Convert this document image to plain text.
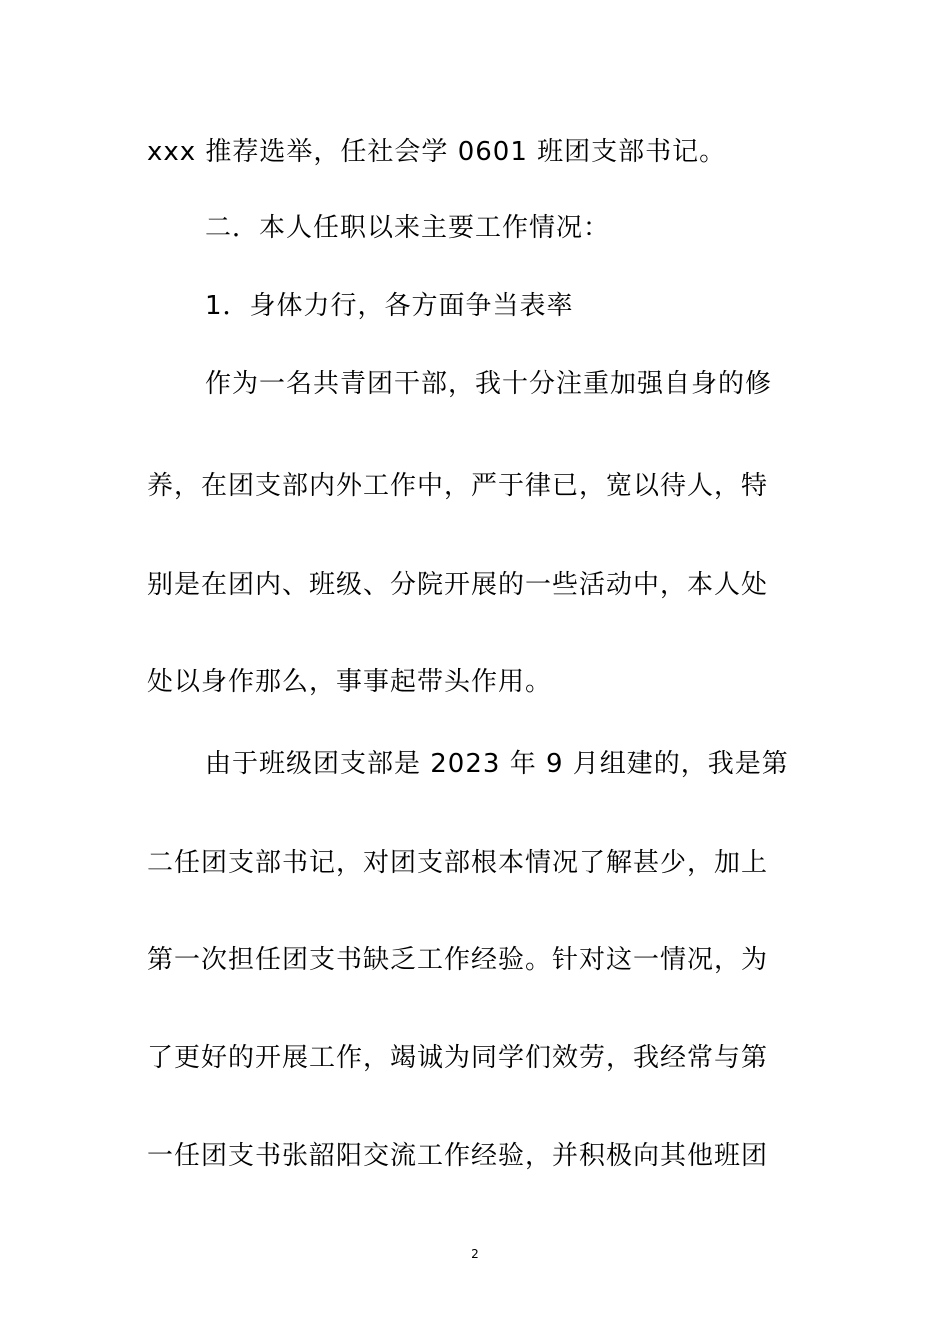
xxx 推荐选举，任社会学 0601 班团支部书记。
二．本人任职以来主要工作情况：
1．身体力行，各方面争当表率
作为一名共青团干部，我十分注重加强自身的修
养，在团支部内外工作中，严于律已，宽以待人，特
别是在团内、班级、分院开展的一些活动中，本人处
处以身作那么，事事起带头作用。
由于班级团支部是 2023 年 9 月组建的，我是第
二任团支部书记，对团支部根本情况了解甚少，加上
第一次担任团支书缺乏工作经验。针对这一情况，为
了更好的开展工作，竭诚为同学们效劳，我经常与第
一任团支书张韶阳交流工作经验，并积极向其他班团
2
